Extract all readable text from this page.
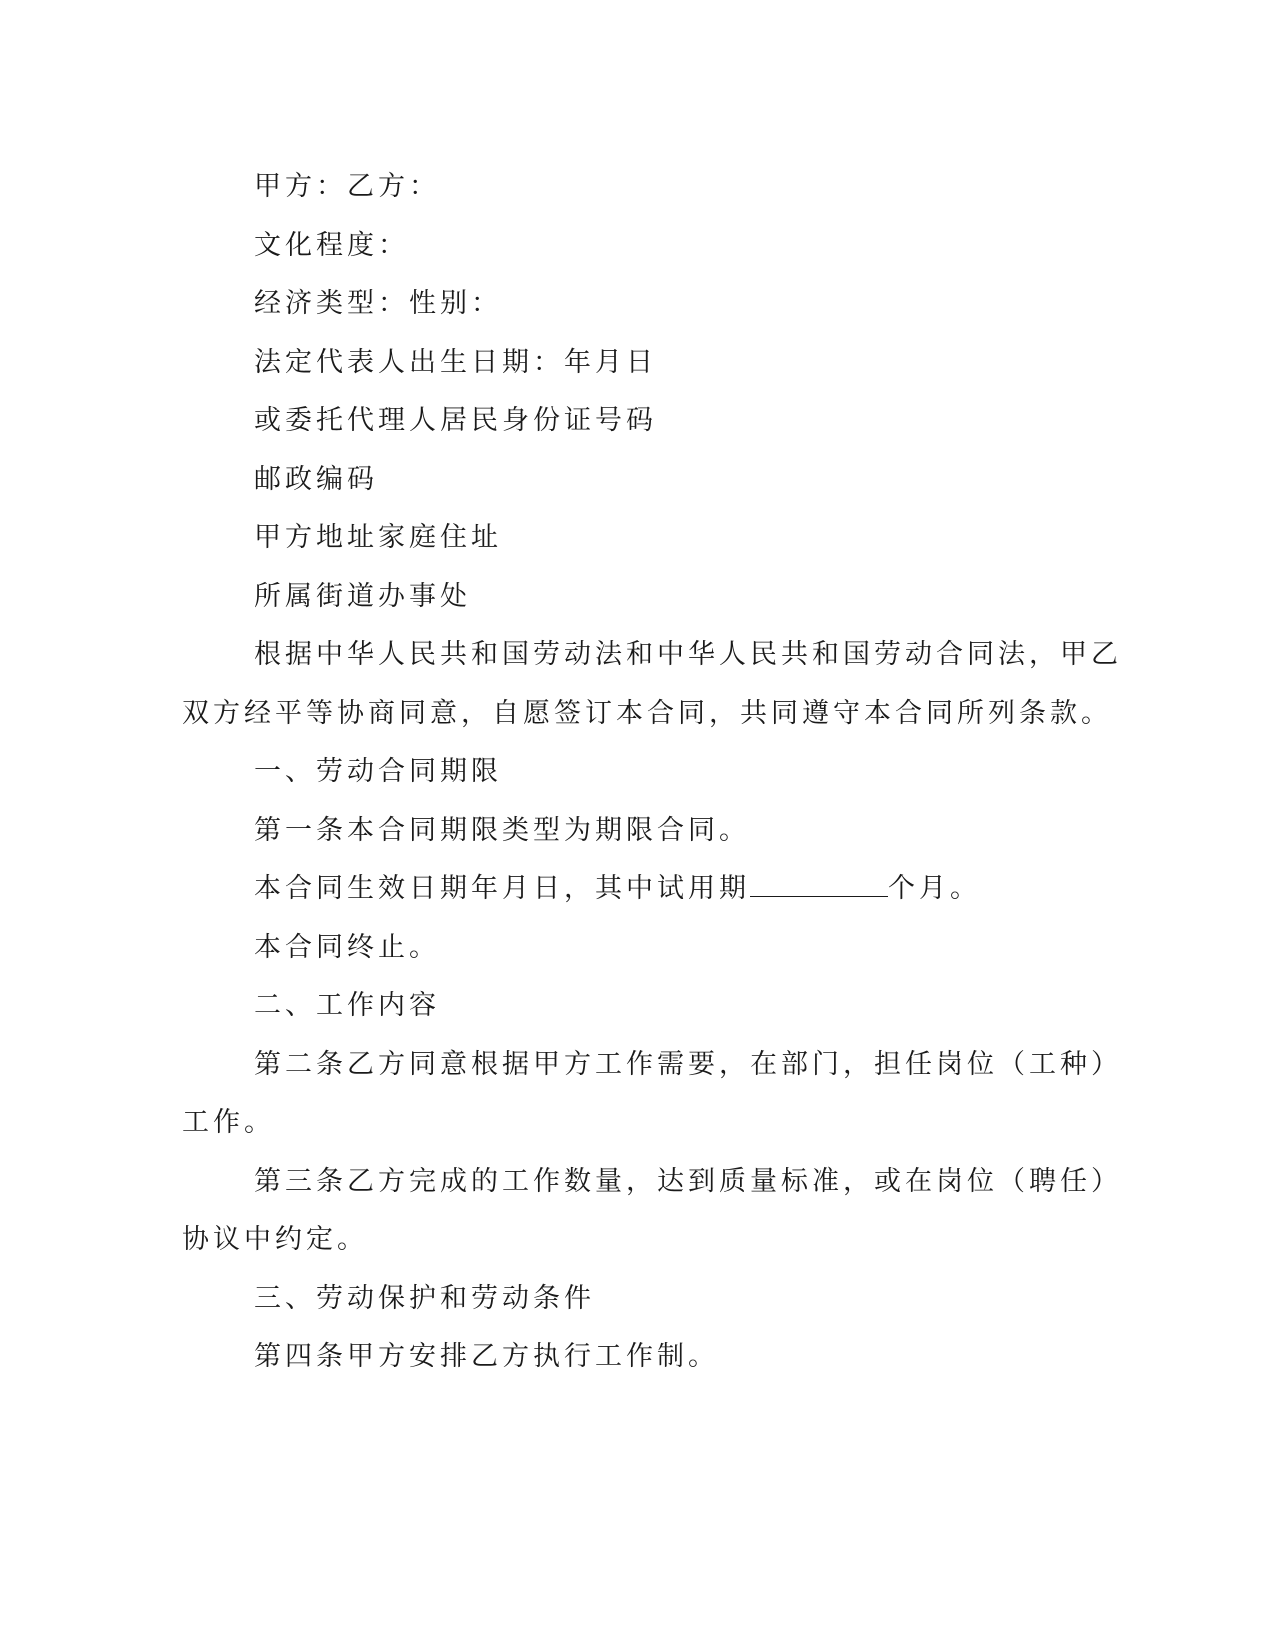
甲方：乙方：
文化程度：
经济类型：性别：
法定代表人出生日期：年月日
或委托代理人居民身份证号码
邮政编码
甲方地址家庭住址
所属街道办事处
根据中华人民共和国劳动法和中华人民共和国劳动合同法，甲乙
双方经平等协商同意，自愿签订本合同，共同遵守本合同所列条款。
一、劳动合同期限
第一条本合同期限类型为期限合同。
本合同生效日期年月日，其中试用期	个月。
本合同终止。
二、工作内容
第二条乙方同意根据甲方工作需要，在部门，担任岗位（工种）
工作。
第三条乙方完成的工作数量，达到质量标准，或在岗位（聘任）
协议中约定。
三、劳动保护和劳动条件
第四条甲方安排乙方执行工作制。
